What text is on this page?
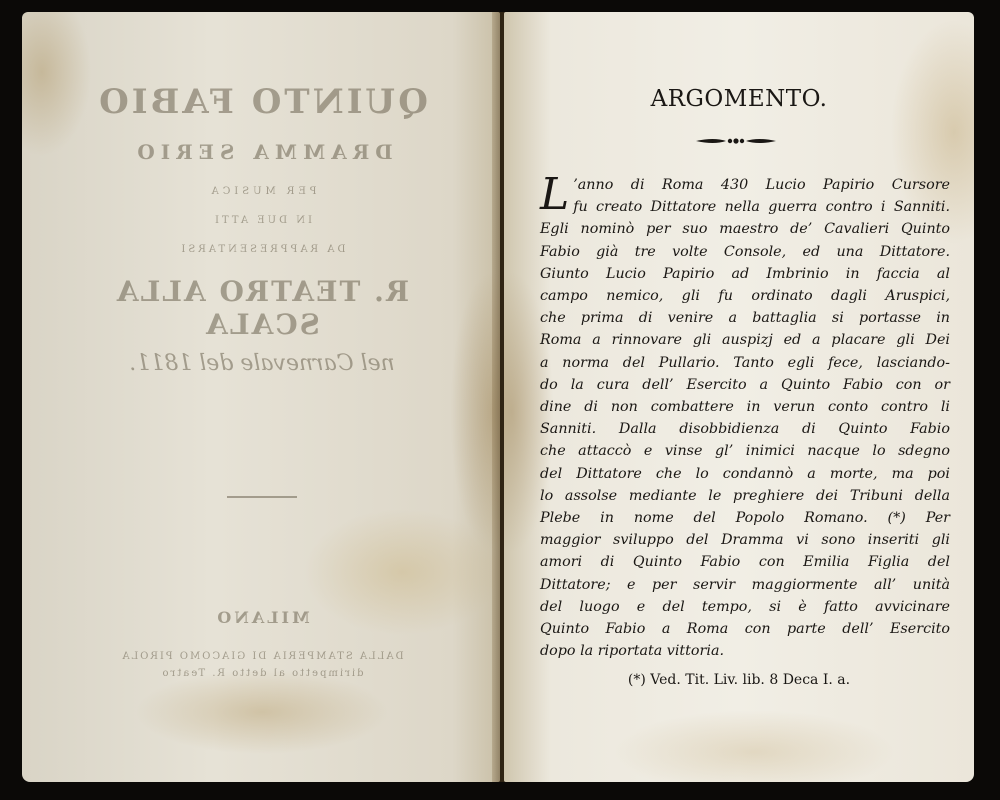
QUINTO FABIO
DRAMMA SERIO
PER MUSICA
IN DUE ATTI
DA RAPPRESENTARSI
R. TEATRO ALLA SCALA
nel Carnevale del 1811.
MILANO
DALLA STAMPERIA DI GIACOMO PIROLA
dirimpetto al detto R. Teatro
ARGOMENTO.
L ’anno di Roma 430 Lucio Papirio Cursore
fu creato Dittatore nella guerra contro i Sanniti.
Egli nominò per suo maestro de’ Cavalieri Quinto
Fabio già tre volte Console, ed una Dittatore.
Giunto Lucio Papirio ad Imbrinio in faccia al
campo nemico, gli fu ordinato dagli Aruspici,
che prima di venire a battaglia si portasse in
Roma a rinnovare gli auspizj ed a placare gli Dei
a norma del Pullario. Tanto egli fece, lasciando-
do la cura dell’ Esercito a Quinto Fabio con or
dine di non combattere in verun conto contro li
Sanniti. Dalla disobbidienza di Quinto Fabio
che attaccò e vinse gl’ inimici nacque lo sdegno
del Dittatore che lo condannò a morte, ma poi
lo assolse mediante le preghiere dei Tribuni della
Plebe in nome del Popolo Romano. (*) Per
maggior sviluppo del Dramma vi sono inseriti gli
amori di Quinto Fabio con Emilia Figlia del
Dittatore; e per servir maggiormente all’ unità
del luogo e del tempo, si è fatto avvicinare
Quinto Fabio a Roma con parte dell’ Esercito
dopo la riportata vittoria.
(*) Ved. Tit. Liv. lib. 8 Deca I. a.
